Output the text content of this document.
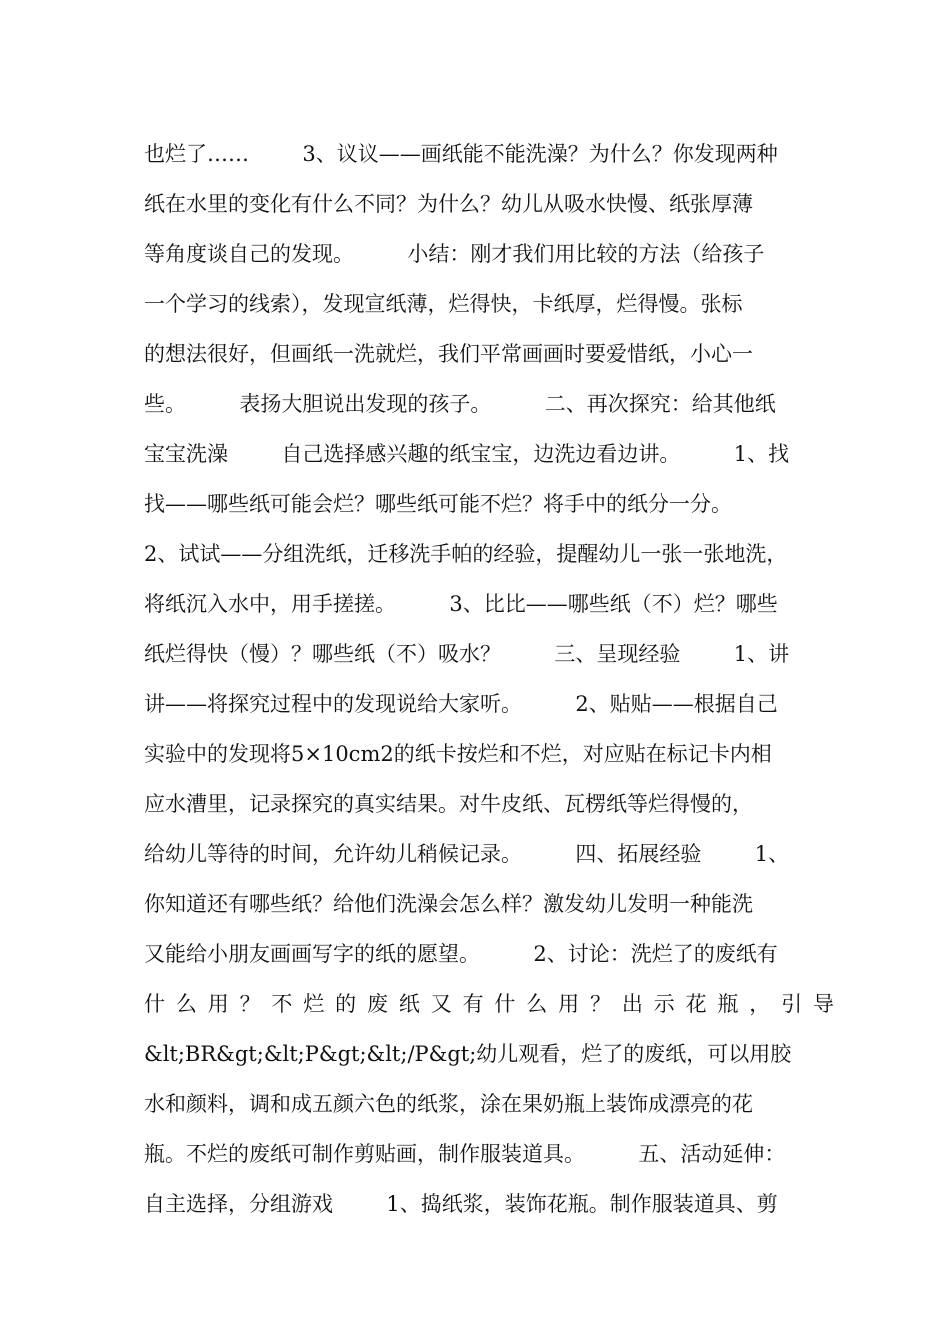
也烂了……        3、议议——画纸能不能洗澡？为什么？你发现两种
纸在水里的变化有什么不同？为什么？幼儿从吸水快慢、纸张厚薄
等角度谈自己的发现。        小结：刚才我们用比较的方法（给孩子
一个学习的线索），发现宣纸薄，烂得快，卡纸厚，烂得慢。张标
的想法很好，但画纸一洗就烂，我们平常画画时要爱惜纸，小心一
些。        表扬大胆说出发现的孩子。        二、再次探究：给其他纸
宝宝洗澡        自己选择感兴趣的纸宝宝，边洗边看边讲。        1、找
找——哪些纸可能会烂？哪些纸可能不烂？将手中的纸分一分。
2、试试——分组洗纸，迁移洗手帕的经验，提醒幼儿一张一张地洗，
将纸沉入水中，用手搓搓。        3、比比——哪些纸（不）烂？哪些
纸烂得快（慢）？哪些纸（不）吸水？        三、呈现经验        1、讲
讲——将探究过程中的发现说给大家听。        2、贴贴——根据自己
实验中的发现将5×10cm2的纸卡按烂和不烂，对应贴在标记卡内相
应水漕里，记录探究的真实结果。对牛皮纸、瓦楞纸等烂得慢的，
给幼儿等待的时间，允许幼儿稍候记录。        四、拓展经验        1、
你知道还有哪些纸？给他们洗澡会怎么样？激发幼儿发明一种能洗
又能给小朋友画画写字的纸的愿望。        2、讨论：洗烂了的废纸有
什 么 用 ？ 不 烂 的 废 纸 又 有 什 么 用 ？ 出 示 花 瓶 ， 引 导
&lt;BR&gt;&lt;P&gt;&lt;/P&gt;幼儿观看，烂了的废纸，可以用胶
水和颜料，调和成五颜六色的纸浆，涂在果奶瓶上装饰成漂亮的花
瓶。不烂的废纸可制作剪贴画，制作服装道具。        五、活动延伸：
自主选择，分组游戏        1、捣纸浆，装饰花瓶。制作服装道具、剪
